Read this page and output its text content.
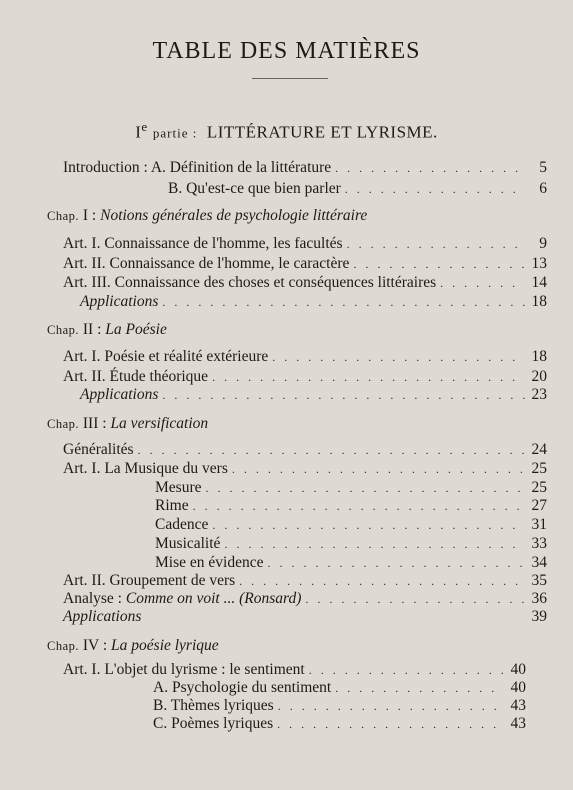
TABLE DES MATIÈRES
Ie partie : LITTÉRATURE ET LYRISME.
Introduction : A. Définition de la littérature . . .	5
B. Qu'est-ce que bien parler . . .	6
Chap. I : Notions générales de psychologie littéraire
Art. I. Connaissance de l'homme, les facultés . . .	9
Art. II. Connaissance de l'homme, le caractère . . .	13
Art. III. Connaissance des choses et conséquences littéraires . . .	14
Applications . . .	18
Chap. II : La Poésie
Art. I. Poésie et réalité extérieure . . .	18
Art. II. Étude théorique . . .	20
Applications . . .	23
Chap. III : La versification
Généralités . . .	24
Art. I. La Musique du vers . . .	25
Mesure . . .	25
Rime . . .	27
Cadence . . .	31
Musicalité . . .	33
Mise en évidence . . .	34
Art. II. Groupement de vers . . .	35
Analyse : Comme on voit ... (Ronsard) . . .	36
Applications	39
Chap. IV : La poésie lyrique
Art. I. L'objet du lyrisme : le sentiment . . .	40
A. Psychologie du sentiment . . .	40
B. Thèmes lyriques . . .	43
C. Poèmes lyriques . . .	43
